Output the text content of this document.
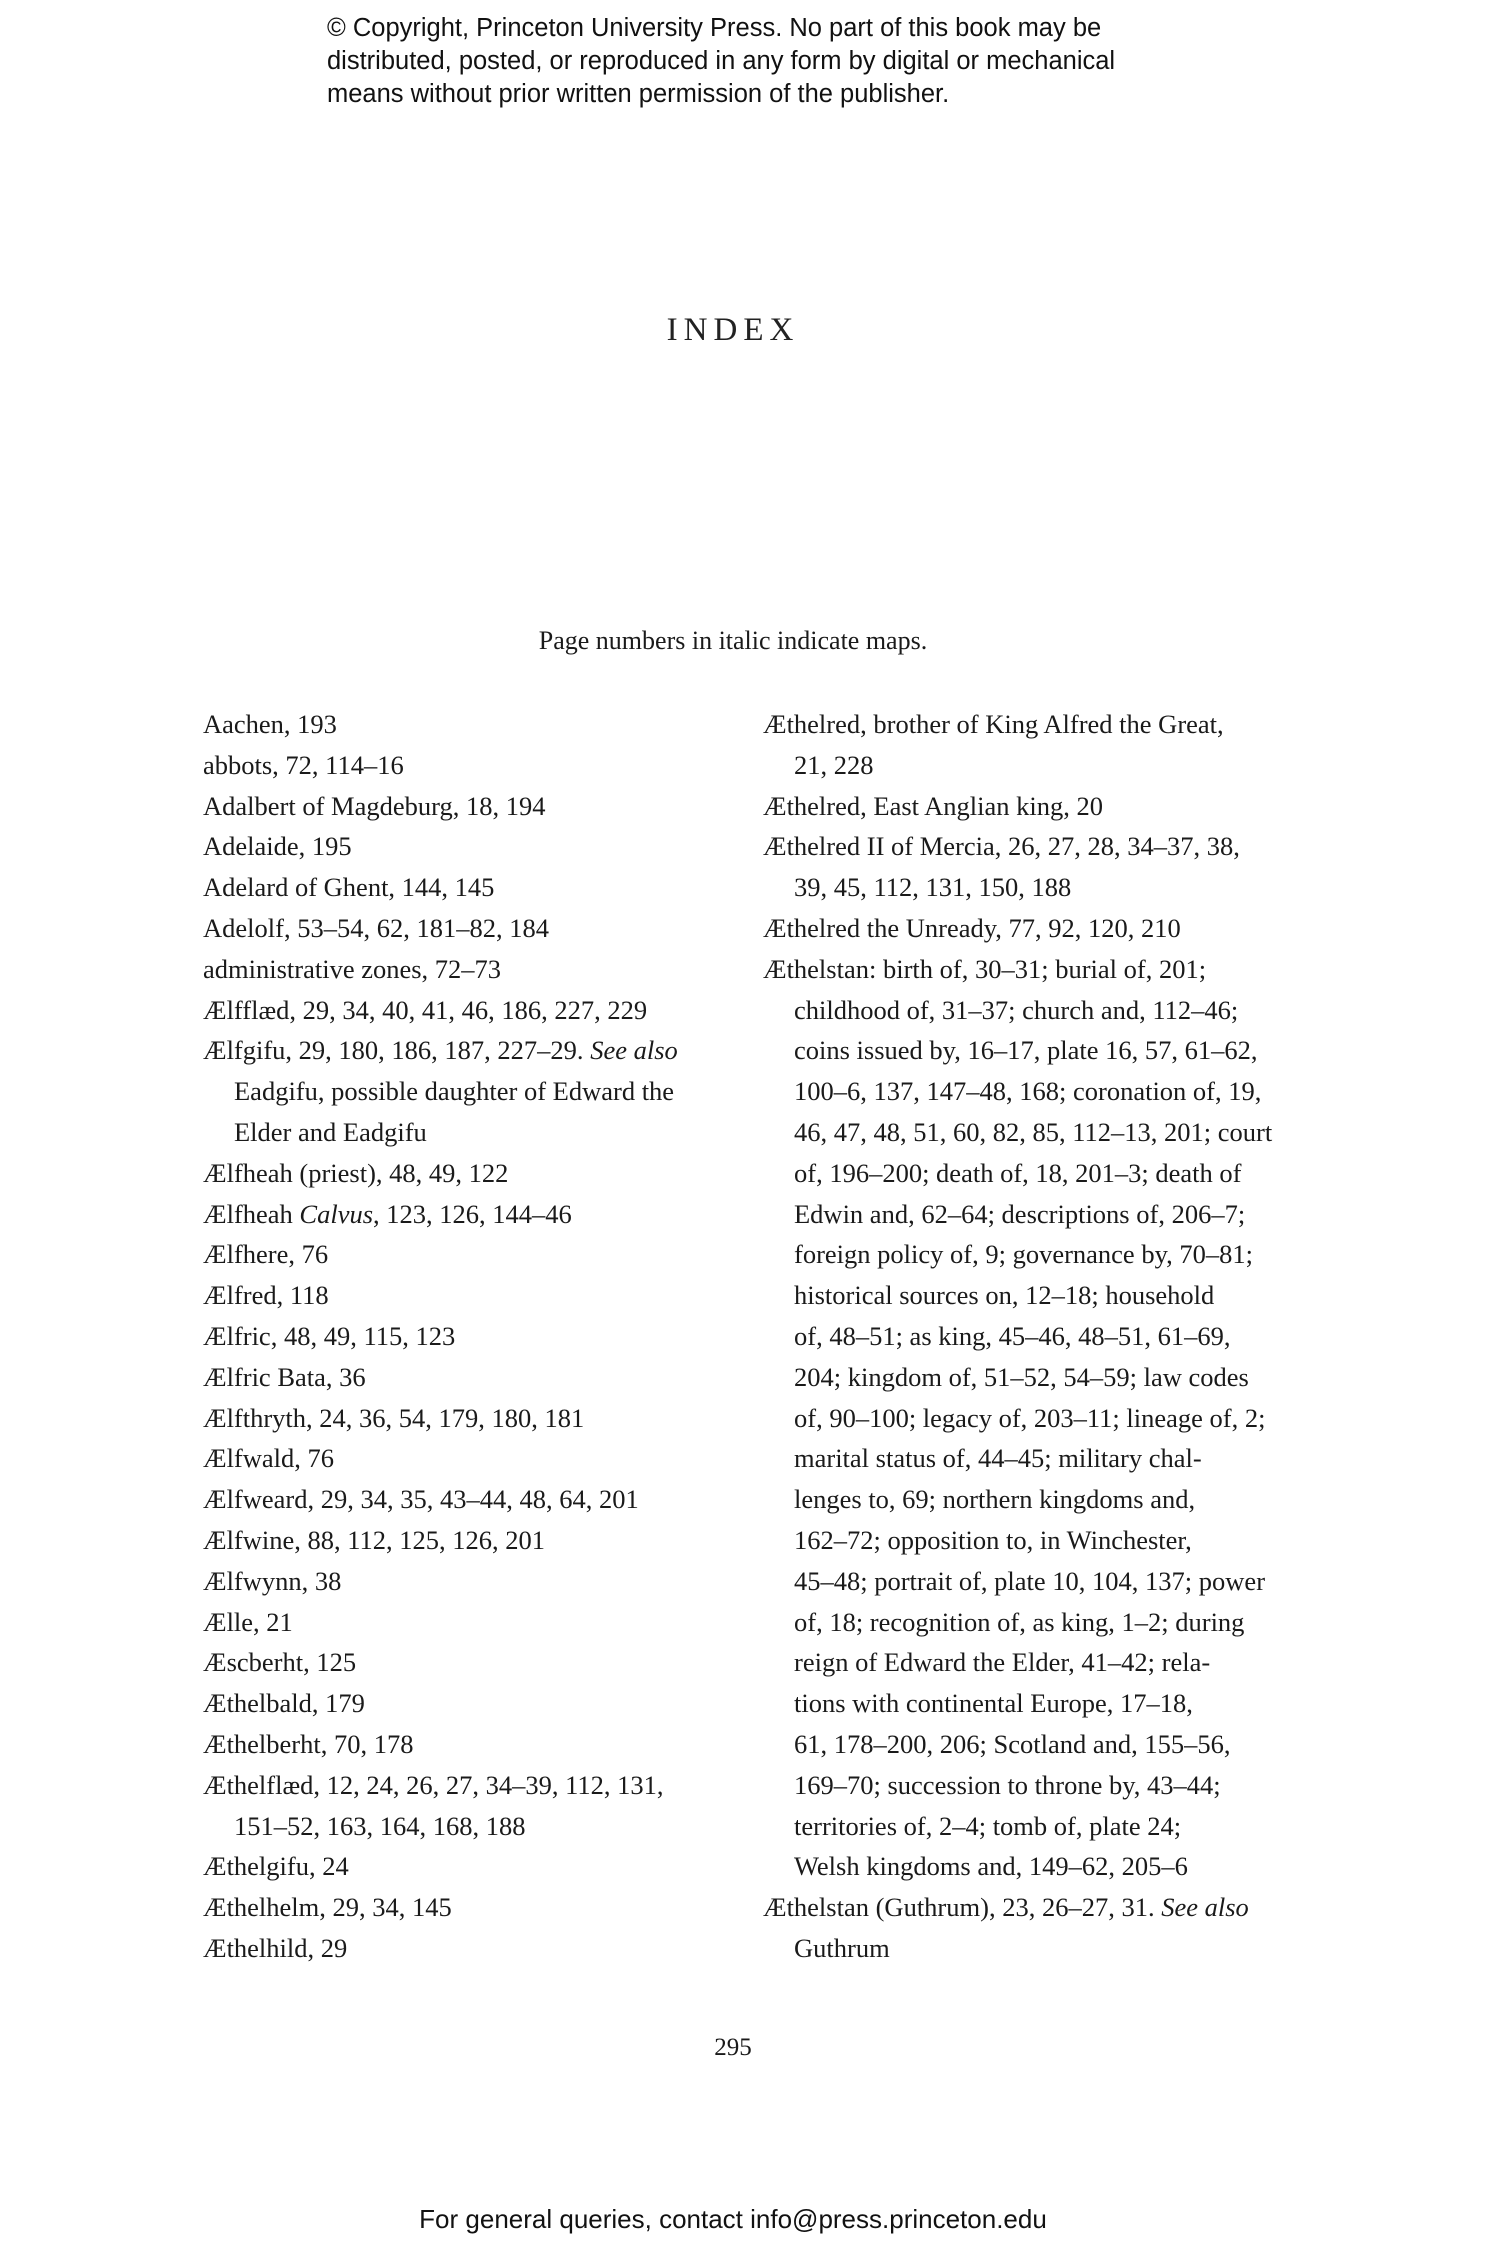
© Copyright, Princeton University Press. No part of this book may be
distributed, posted, or reproduced in any form by digital or mechanical
means without prior written permission of the publisher.
INDEX
Page numbers in italic indicate maps.
Aachen, 193
abbots, 72, 114–16
Adalbert of Magdeburg, 18, 194
Adelaide, 195
Adelard of Ghent, 144, 145
Adelolf, 53–54, 62, 181–82, 184
administrative zones, 72–73
Ælfflæd, 29, 34, 40, 41, 46, 186, 227, 229
Ælfgifu, 29, 180, 186, 187, 227–29. See also
Eadgifu, possible daughter of Edward the
Elder and Eadgifu
Ælfheah (priest), 48, 49, 122
Ælfheah Calvus, 123, 126, 144–46
Ælfhere, 76
Ælfred, 118
Ælfric, 48, 49, 115, 123
Ælfric Bata, 36
Ælfthryth, 24, 36, 54, 179, 180, 181
Ælfwald, 76
Ælfweard, 29, 34, 35, 43–44, 48, 64, 201
Ælfwine, 88, 112, 125, 126, 201
Ælfwynn, 38
Ælle, 21
Æscberht, 125
Æthelbald, 179
Æthelberht, 70, 178
Æthelflæd, 12, 24, 26, 27, 34–39, 112, 131,
151–52, 163, 164, 168, 188
Æthelgifu, 24
Æthelhelm, 29, 34, 145
Æthelhild, 29
Æthelred, brother of King Alfred the Great,
21, 228
Æthelred, East Anglian king, 20
Æthelred II of Mercia, 26, 27, 28, 34–37, 38,
39, 45, 112, 131, 150, 188
Æthelred the Unready, 77, 92, 120, 210
Æthelstan: birth of, 30–31; burial of, 201;
childhood of, 31–37; church and, 112–46;
coins issued by, 16–17, plate 16, 57, 61–62,
100–6, 137, 147–48, 168; coronation of, 19,
46, 47, 48, 51, 60, 82, 85, 112–13, 201; court
of, 196–200; death of, 18, 201–3; death of
Edwin and, 62–64; descriptions of, 206–7;
foreign policy of, 9; governance by, 70–81;
historical sources on, 12–18; household
of, 48–51; as king, 45–46, 48–51, 61–69,
204; kingdom of, 51–52, 54–59; law codes
of, 90–100; legacy of, 203–11; lineage of, 2;
marital status of, 44–45; military chal-
lenges to, 69; northern kingdoms and,
162–72; opposition to, in Winchester,
45–48; portrait of, plate 10, 104, 137; power
of, 18; recognition of, as king, 1–2; during
reign of Edward the Elder, 41–42; rela-
tions with continental Europe, 17–18,
61, 178–200, 206; Scotland and, 155–56,
169–70; succession to throne by, 43–44;
territories of, 2–4; tomb of, plate 24;
Welsh kingdoms and, 149–62, 205–6
Æthelstan (Guthrum), 23, 26–27, 31. See also
Guthrum
295
For general queries, contact info@press.princeton.edu
